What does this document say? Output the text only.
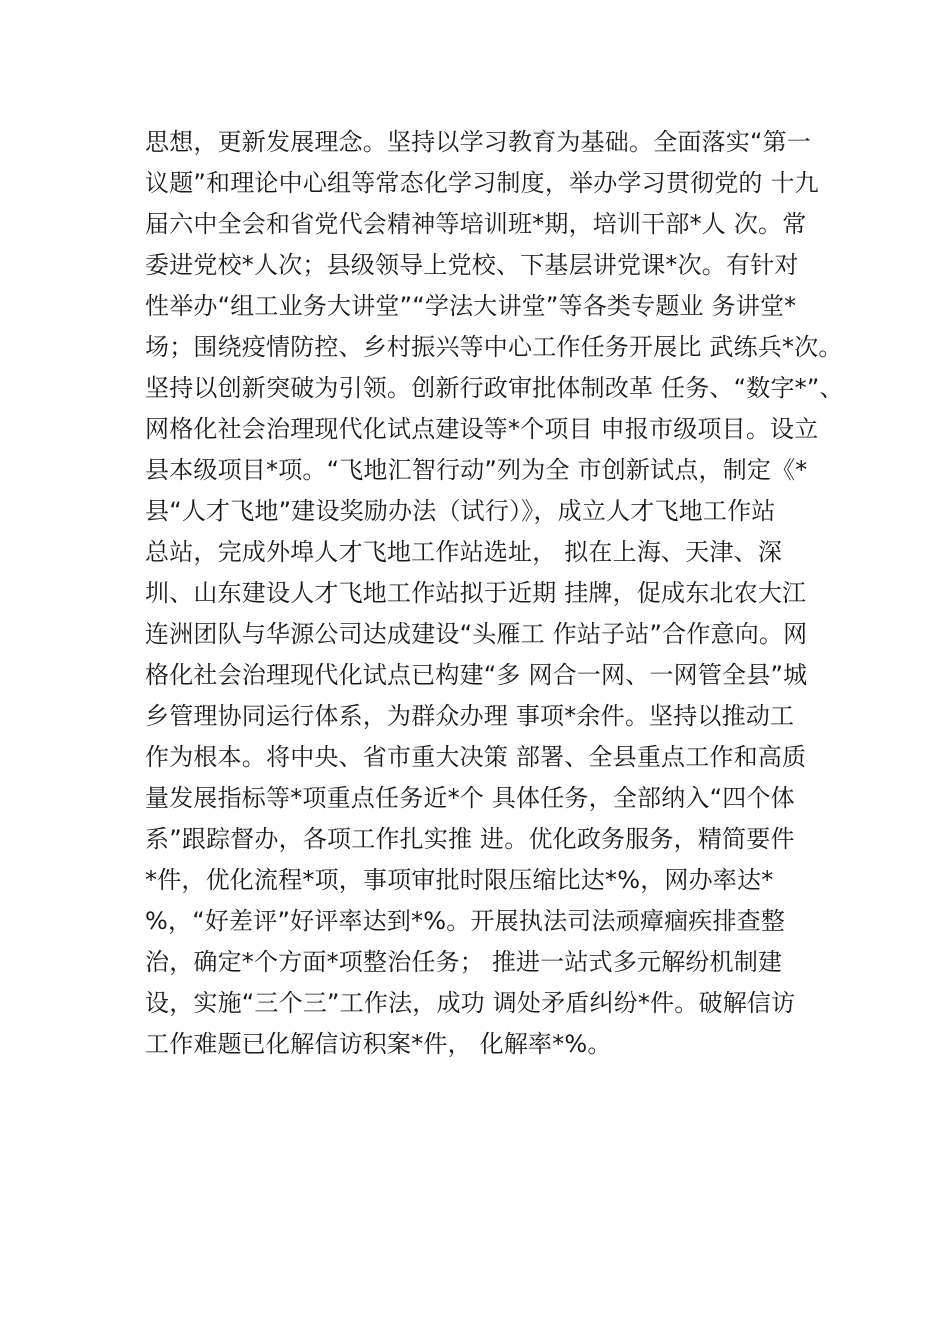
思想，更新发展理念。坚持以学习教育为基础。全面落实“第一
议题”和理论中心组等常态化学习制度，举办学习贯彻党的 十九
届六中全会和省党代会精神等培训班*期，培训干部*人 次。常
委进党校*人次；县级领导上党校、下基层讲党课*次。有针对
性举办“组工业务大讲堂”“学法大讲堂”等各类专题业 务讲堂*
场；围绕疫情防控、乡村振兴等中心工作任务开展比 武练兵*次。
坚持以创新突破为引领。创新行政审批体制改革 任务、“数字*”、
网格化社会治理现代化试点建设等*个项目 申报市级项目。设立
县本级项目*项。“飞地汇智行动”列为全 市创新试点，制定《*
县“人才飞地”建设奖励办法（试行）》，成立人才飞地工作站
总站，完成外埠人才飞地工作站选址， 拟在上海、天津、深
圳、山东建设人才飞地工作站拟于近期 挂牌，促成东北农大江
连洲团队与华源公司达成建设“头雁工 作站子站”合作意向。网
格化社会治理现代化试点已构建“多 网合一网、一网管全县”城
乡管理协同运行体系，为群众办理 事项*余件。坚持以推动工
作为根本。将中央、省市重大决策 部署、全县重点工作和高质
量发展指标等*项重点任务近*个 具体任务，全部纳入“四个体
系”跟踪督办，各项工作扎实推 进。优化政务服务，精简要件
*件，优化流程*项，事项审批时限压缩比达*%，网办率达*
%，“好差评”好评率达到*%。开展执法司法顽瘴痼疾排查整
治，确定*个方面*项整治任务； 推进一站式多元解纷机制建
设，实施“三个三”工作法，成功 调处矛盾纠纷*件。破解信访
工作难题已化解信访积案*件， 化解率*%。
